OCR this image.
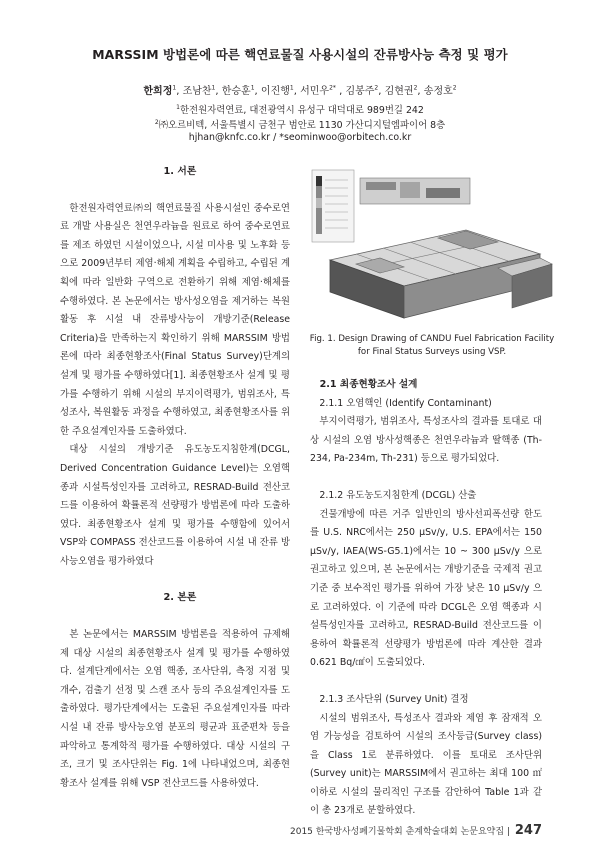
MARSSIM 방법론에 따른 핵연료물질 사용시설의 잔류방사능 측정 및 평가
한희정$^1$, 조남찬$^1$, 한승훈$^1$, 이진행$^1$, 서민우$^{2*}$ , 김봉주$^2$, 김현권$^2$, 송정호$^2$
$^1$한전원자력연료, 대전광역시 유성구 대덕대로 989번길 242
$^2$㈜오르비텍, 서울특별시 금천구 범안로 1130 가산디지털엠파이어 8층
hjhan@knfc.co.kr / *seominwoo@orbitech.co.kr

1. 서론

한전원자력연료㈜의 핵연료물질 사용시설인 중수로연료 개발 사용실은 천연우라늄을 원료로 하여 중수로연료를 제조 하였던 시설이었으나, 시설 미사용 및 노후화 등으로 2009년부터 제염·해체 계획을 수립하고, 수립된 계획에 따라 일반화 구역으로 전환하기 위해 제염·해체를 수행하였다. 본 논문에서는 방사성오염을 제거하는 복원활동 후 시설 내 잔류방사능이 개방기준(Release Criteria)을 만족하는지 확인하기 위해 MARSSIM 방법론에 따라 최종현황조사(Final Status Survey)단계의 설계 및 평가를 수행하였다[1]. 최종현황조사 설계 및 평가를 수행하기 위해 시설의 부지이력평가, 범위조사, 특성조사, 복원활동 과정을 수행하였고, 최종현황조사를 위한 주요설계인자를 도출하였다.

대상 시설의 개방기준 유도농도지침한계(DCGL, Derived Concentration Guidance Level)는 오염핵종과 시설특성인자를 고려하고, RESRAD-Build 전산코드를 이용하여 확률론적 선량평가 방법론에 따라 도출하였다. 최종현황조사 설계 및 평가를 수행함에 있어서 VSP와 COMPASS 전산코드를 이용하여 시설 내 잔류 방사능오염을 평가하였다

2. 본론

본 논문에서는 MARSSIM 방법론을 적용하여 규제해제 대상 시설의 최종현황조사 설계 및 평가를 수행하였다. 설계단계에서는 오염 핵종, 조사단위, 측정 지점 및 개수, 검출기 선정 및 스캔 조사 등의 주요설계인자를 도출하였다. 평가단계에서는 도출된 주요설계인자를 따라 시설 내 잔류 방사능오염 분포의 평균과 표준편차 등을 파악하고 통계학적 평가를 수행하였다. 대상 시설의 구조, 크기 및 조사단위는 Fig. 1에 나타내었으며, 최종현황조사 설계를 위해 VSP 전산코드를 사용하였다.

Fig. 1. Design Drawing of CANDU Fuel Fabrication Facility
for Final Status Surveys using VSP.

2.1 최종현황조사 설계

2.1.1 오염핵인 (Identify Contaminant)

부지이력평가, 범위조사, 특성조사의 결과를 토대로 대상 시설의 오염 방사성핵종은 천연우라늄과 딸핵종 (Th-234, Pa-234m, Th-231) 등으로 평가되었다.

2.1.2 유도농도지침한계 (DCGL) 산출

건물개방에 따른 거주 일반인의 방사선피폭선량 한도를 U.S. NRC에서는 250 μSv/y, U.S. EPA에서는 150 μSv/y, IAEA(WS-G5.1)에서는 10 ~ 300 μSv/y 으로 권고하고 있으며, 본 논문에서는 개방기준을 국제적 권고기준 중 보수적인 평가를 위하여 가장 낮은 10 μSv/y 으로 고려하였다. 이 기준에 따라 DCGL은 오염 핵종과 시설특성인자를 고려하고, RESRAD-Build 전산코드를 이용하여 확률론적 선량평가 방법론에 따라 계산한 결과 0.621 Bq/㎠이 도출되었다.

2.1.3 조사단위 (Survey Unit) 결정

시설의 범위조사, 특성조사 결과와 제염 후 잠재적 오염 가능성을 검토하여 시설의 조사등급(Survey class)을 Class 1로 분류하였다. 이를 토대로 조사단위(Survey unit)는 MARSSIM에서 권고하는 최대 100 ㎡ 이하로 시설의 물리적인 구조를 감안하여 Table 1과 같이 총 23개로 분할하였다.

2015 한국방사성폐기물학회 춘계학술대회 논문요약집 | 247
